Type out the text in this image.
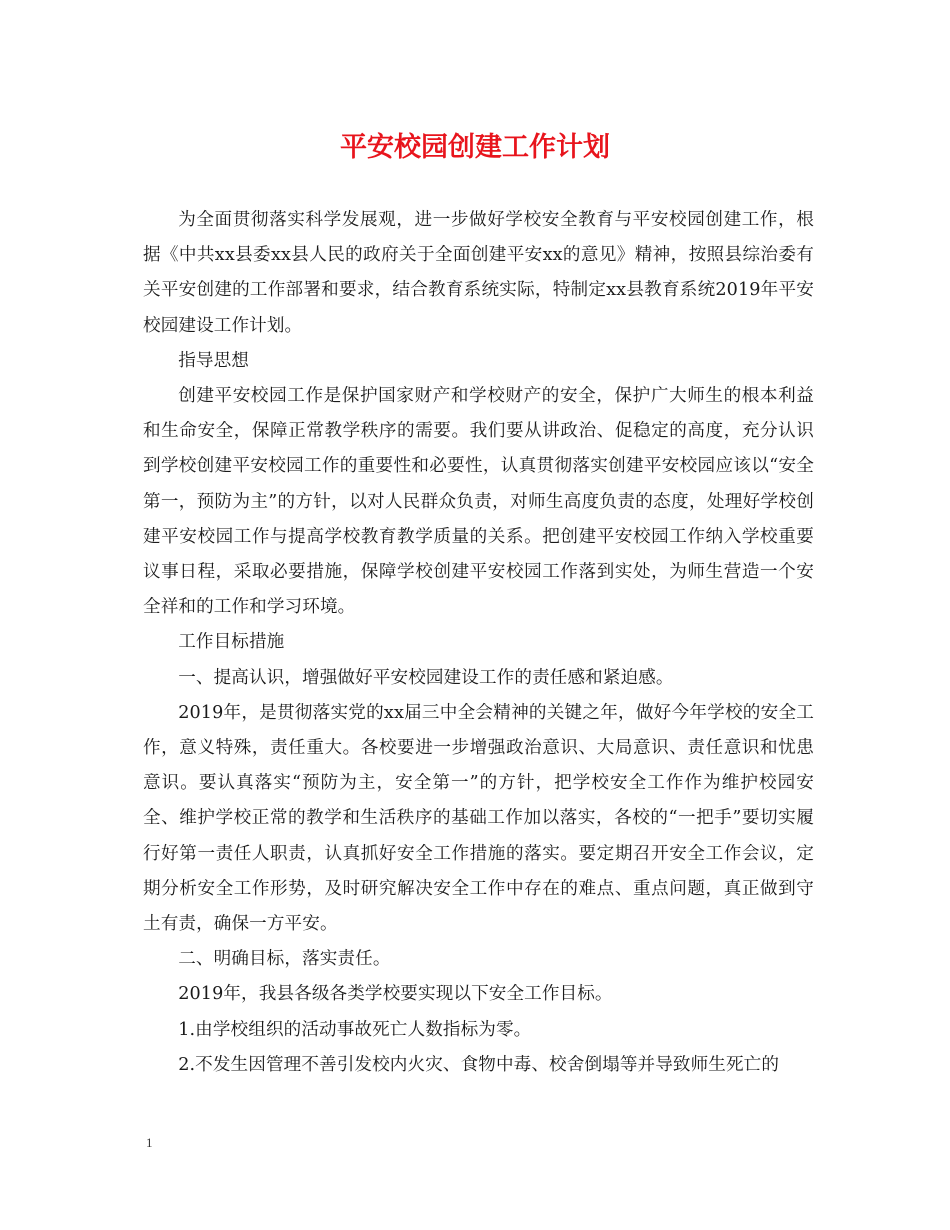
平安校园创建工作计划

为全面贯彻落实科学发展观，进一步做好学校安全教育与平安校园创建工作，根据《中共xx县委xx县人民的政府关于全面创建平安xx的意见》精神，按照县综治委有关平安创建的工作部署和要求，结合教育系统实际，特制定xx县教育系统2019年平安校园建设工作计划。

指导思想

创建平安校园工作是保护国家财产和学校财产的安全，保护广大师生的根本利益和生命安全，保障正常教学秩序的需要。我们要从讲政治、促稳定的高度，充分认识到学校创建平安校园工作的重要性和必要性，认真贯彻落实创建平安校园应该以“安全第一，预防为主”的方针，以对人民群众负责，对师生高度负责的态度，处理好学校创建平安校园工作与提高学校教育教学质量的关系。把创建平安校园工作纳入学校重要议事日程，采取必要措施，保障学校创建平安校园工作落到实处，为师生营造一个安全祥和的工作和学习环境。

工作目标措施

一、提高认识，增强做好平安校园建设工作的责任感和紧迫感。

2019年，是贯彻落实党的xx届三中全会精神的关键之年，做好今年学校的安全工作，意义特殊，责任重大。各校要进一步增强政治意识、大局意识、责任意识和忧患意识。要认真落实“预防为主，安全第一”的方针，把学校安全工作作为维护校园安全、维护学校正常的教学和生活秩序的基础工作加以落实，各校的“一把手”要切实履行好第一责任人职责，认真抓好安全工作措施的落实。要定期召开安全工作会议，定期分析安全工作形势，及时研究解决安全工作中存在的难点、重点问题，真正做到守土有责，确保一方平安。

二、明确目标，落实责任。

2019年，我县各级各类学校要实现以下安全工作目标。

1.由学校组织的活动事故死亡人数指标为零。

2.不发生因管理不善引发校内火灾、食物中毒、校舍倒塌等并导致师生死亡的

1
